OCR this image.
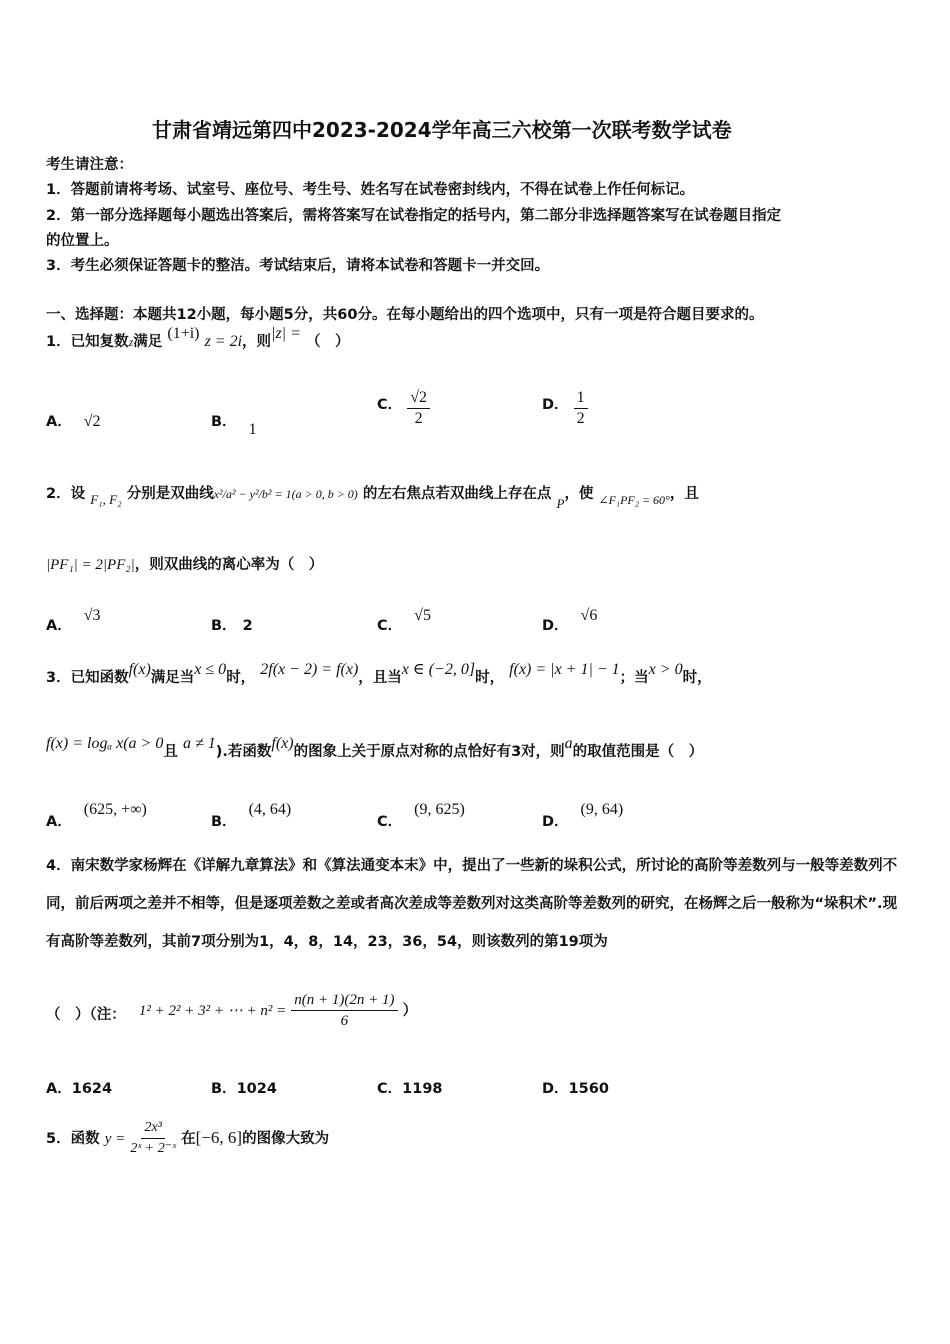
甘肃省靖远第四中2023-2024学年高三六校第一次联考数学试卷
考生请注意：
1．答题前请将考场、试室号、座位号、考生号、姓名写在试卷密封线内，不得在试卷上作任何标记。
2．第一部分选择题每小题选出答案后，需将答案写在试卷指定的括号内，第二部分非选择题答案写在试卷题目指定
的位置上。
3．考生必须保证答题卡的整洁。考试结束后，请将本试卷和答题卡一并交回。
一、选择题：本题共12小题，每小题5分，共60分。在每小题给出的四个选项中，只有一项是符合题目要求的。
1．已知复数z满足 (1+i) z = 2i，则|z| = （　）
A． √2	B． 1
C． $\frac{√2}{2}$	D． $\frac{1}{2}$
2．设 $_{F_1, F_2}$ 分别是双曲线x²/a² − y²/b² = 1(a > 0, b > 0) 的左右焦点若双曲线上存在点 $_P$，使 $_{\angle F_1PF_2 = 60^\circ}$，且
|PF₁| = 2|PF₂|，则双曲线的离心率为（　）
A．√3
B． 2	C．√5
D．√6
3．已知函数f(x)满足当x ≤ 0时， 2f(x − 2) = f(x)，且当x ∈ (−2, 0]时， f(x) = |x + 1| − 1；当x > 0时，
f(x) = logₐ x(a > 0且 a ≠ 1).若函数f(x)的图象上关于原点对称的点恰好有3对，则a的取值范围是（　）
A．(625, +∞)
B．(4, 64)
C．(9, 625)
D．(9, 64)
4．南宋数学家杨辉在《详解九章算法》和《算法通变本末》中，提出了一些新的垛积公式，所讨论的高阶等差数列与一般等差数列不同，前后两项之差并不相等，但是逐项差数之差或者高次差成等差数列对这类高阶等差数列的研究，在杨辉之后一般称为“垛积术”.现有高阶等差数列，其前7项分别为1，4，8，14，23，36，54，则该数列的第19项为
（　）（注： 1² + 2² + 3² + ⋯ + $n^2 = \frac{n(n + 1)(2n + 1)}{6}$ ）
A．1624	B．1024	C．1198	D．1560
5．函数 $y = \frac{\text{2x³}}{\text{2ˣ + 2⁻ˣ}}$ 在[−6, 6]的图像大致为
